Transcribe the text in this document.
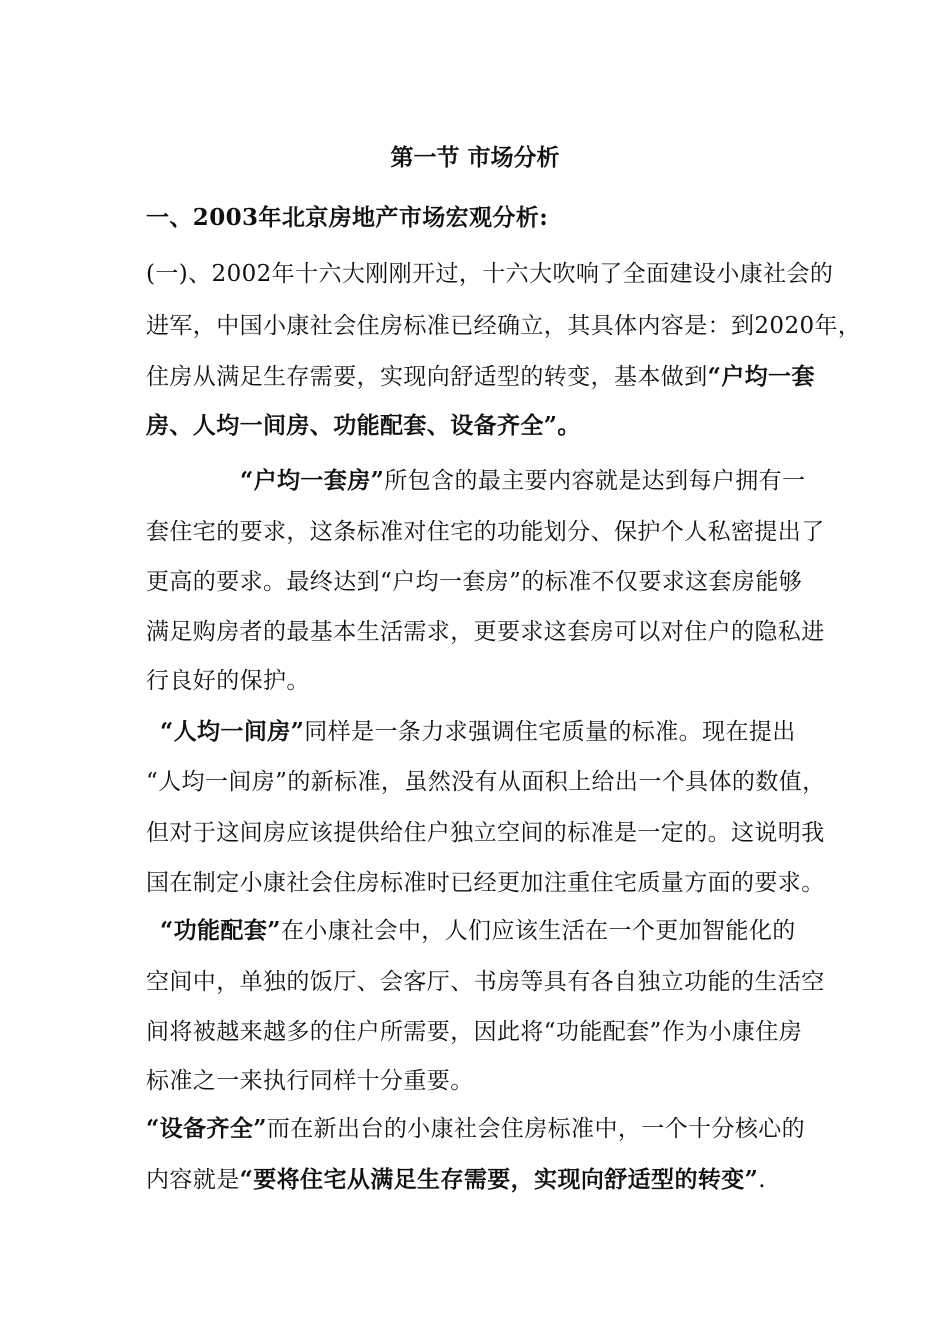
第一节 市场分析
一、2003年北京房地产市场宏观分析:
(一)、2002年十六大刚刚开过，十六大吹响了全面建设小康社会的
进军，中国小康社会住房标准已经确立，其具体内容是：到2020年，
住房从满足生存需要，实现向舒适型的转变，基本做到“户均一套
房、人均一间房、功能配套、设备齐全”。
“户均一套房”所包含的最主要内容就是达到每户拥有一
套住宅的要求，这条标准对住宅的功能划分、保护个人私密提出了
更高的要求。最终达到“户均一套房”的标准不仅要求这套房能够
满足购房者的最基本生活需求，更要求这套房可以对住户的隐私进
行良好的保护。
“人均一间房”同样是一条力求强调住宅质量的标准。现在提出
“人均一间房”的新标准，虽然没有从面积上给出一个具体的数值，
但对于这间房应该提供给住户独立空间的标准是一定的。这说明我
国在制定小康社会住房标准时已经更加注重住宅质量方面的要求。
“功能配套”在小康社会中，人们应该生活在一个更加智能化的
空间中，单独的饭厅、会客厅、书房等具有各自独立功能的生活空
间将被越来越多的住户所需要，因此将“功能配套”作为小康住房
标准之一来执行同样十分重要。
“设备齐全”而在新出台的小康社会住房标准中，一个十分核心的
内容就是“要将住宅从满足生存需要，实现向舒适型的转变”.
